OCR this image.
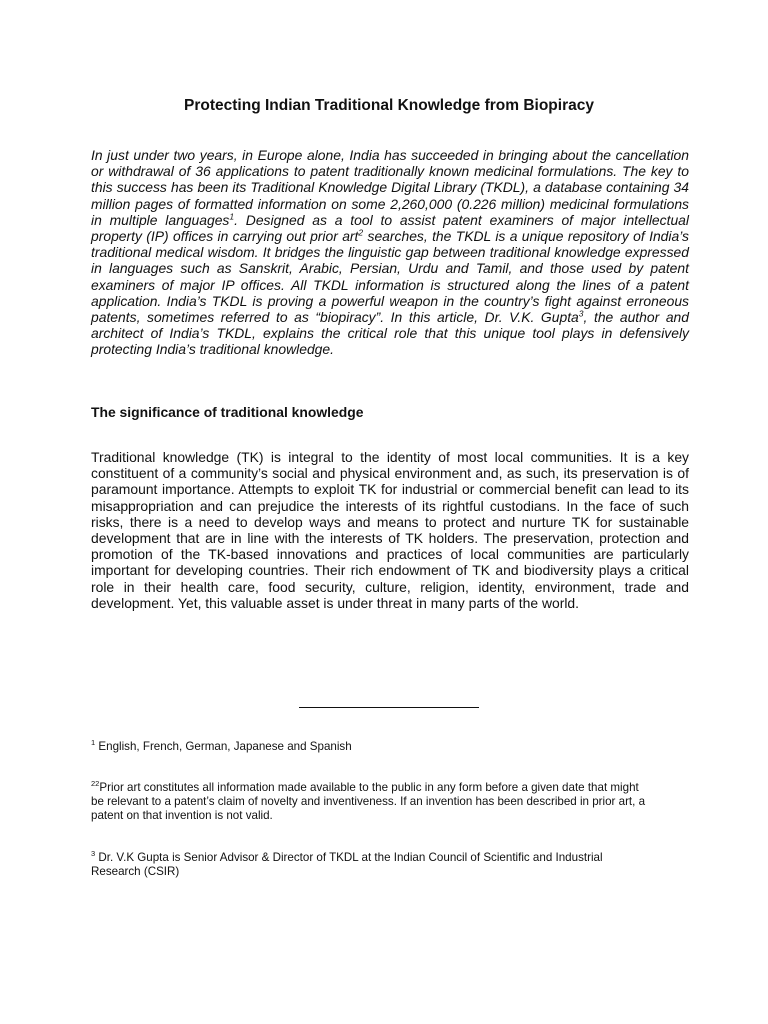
Protecting Indian Traditional Knowledge from Biopiracy

In just under two years, in Europe alone, India has succeeded in bringing about the cancellation or withdrawal of 36 applications to patent traditionally known medicinal formulations. The key to this success has been its Traditional Knowledge Digital Library (TKDL), a database containing 34 million pages of formatted information on some 2,260,000 (0.226 million) medicinal formulations in multiple languages$^1$. Designed as a tool to assist patent examiners of major intellectual property (IP) offices in carrying out prior art$^2$ searches, the TKDL is a unique repository of India’s traditional medical wisdom. It bridges the linguistic gap between traditional knowledge expressed in languages such as Sanskrit, Arabic, Persian, Urdu and Tamil, and those used by patent examiners of major IP offices. All TKDL information is structured along the lines of a patent application. India’s TKDL is proving a powerful weapon in the country’s fight against erroneous patents, sometimes referred to as “biopiracy”. In this article, Dr. V.K. Gupta$^3$, the author and architect of India’s TKDL, explains the critical role that this unique tool plays in defensively protecting India’s traditional knowledge.

The significance of traditional knowledge

Traditional knowledge (TK) is integral to the identity of most local communities. It is a key constituent of a community’s social and physical environment and, as such, its preservation is of paramount importance. Attempts to exploit TK for industrial or commercial benefit can lead to its misappropriation and can prejudice the interests of its rightful custodians. In the face of such risks, there is a need to develop ways and means to protect and nurture TK for sustainable development that are in line with the interests of TK holders. The preservation, protection and promotion of the TK-based innovations and practices of local communities are particularly important for developing countries. Their rich endowment of TK and biodiversity plays a critical role in their health care, food security, culture, religion, identity, environment, trade and development. Yet, this valuable asset is under threat in many parts of the world.

$^1$ English, French, German, Japanese and Spanish

$^{22}$Prior art constitutes all information made available to the public in any form before a given date that might be relevant to a patent’s claim of novelty and inventiveness. If an invention has been described in prior art, a patent on that invention is not valid.

$^3$ Dr. V.K Gupta is Senior Advisor & Director of TKDL at the Indian Council of Scientific and Industrial Research (CSIR)
